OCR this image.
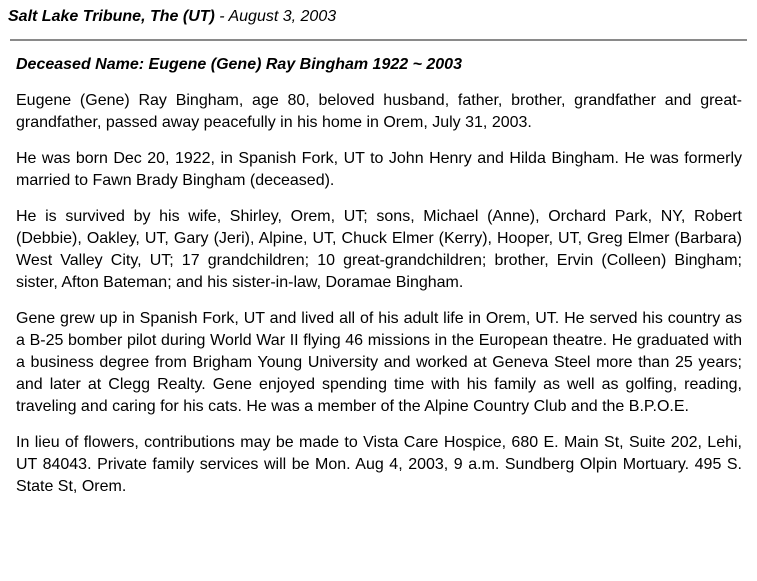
Salt Lake Tribune, The (UT) - August 3, 2003
Deceased Name: Eugene (Gene) Ray Bingham 1922 ~ 2003

Eugene (Gene) Ray Bingham, age 80, beloved husband, father, brother, grandfather and great-grandfather, passed away peacefully in his home in Orem, July 31, 2003.

He was born Dec 20, 1922, in Spanish Fork, UT to John Henry and Hilda Bingham. He was formerly married to Fawn Brady Bingham (deceased).

He is survived by his wife, Shirley, Orem, UT; sons, Michael (Anne), Orchard Park, NY, Robert (Debbie), Oakley, UT, Gary (Jeri), Alpine, UT, Chuck Elmer (Kerry), Hooper, UT, Greg Elmer (Barbara) West Valley City, UT; 17 grandchildren; 10 great-grandchildren; brother, Ervin (Colleen) Bingham; sister, Afton Bateman; and his sister-in-law, Doramae Bingham.

Gene grew up in Spanish Fork, UT and lived all of his adult life in Orem, UT. He served his country as a B-25 bomber pilot during World War II flying 46 missions in the European theatre. He graduated with a business degree from Brigham Young University and worked at Geneva Steel more than 25 years; and later at Clegg Realty. Gene enjoyed spending time with his family as well as golfing, reading, traveling and caring for his cats. He was a member of the Alpine Country Club and the B.P.O.E.

In lieu of flowers, contributions may be made to Vista Care Hospice, 680 E. Main St, Suite 202, Lehi, UT 84043. Private family services will be Mon. Aug 4, 2003, 9 a.m. Sundberg Olpin Mortuary. 495 S. State St, Orem.
